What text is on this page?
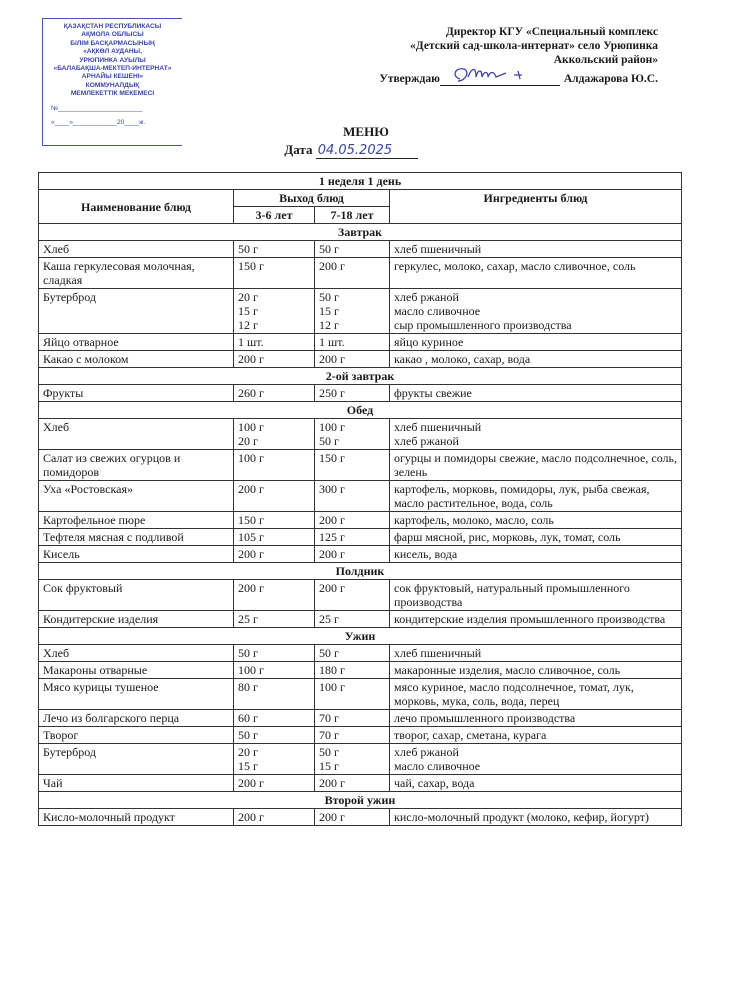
ҚАЗАҚСТАН РЕСПУБЛИКАСЫ
АҚМОЛА ОБЛЫСЫ
БІЛІМ БАСҚАРМАСЫНЫҢ
«АҚКӨЛ АУДАНЫ,
УРЮПИНКА АУЫЛЫ
«БАЛАБАҚША-МЕКТЕП-ИНТЕРНАТ»
АРНАЙЫ КЕШЕНІ»
КОММУНАЛДЫҚ
МЕМЛЕКЕТТІК МЕКЕМЕСІ
№_______________________
«____»____________20____ж.
Директор КГУ «Специальный комплекс
«Детский сад-школа-интернат» село Урюпинка
Аккольский район»
Утверждаю	Алдажарова Ю.С.
МЕНЮ
Дата 04.05.2025
1 неделя 1 день			
Наименование блюд	Выход блюд		Ингредиенты блюд
	3-6 лет	7-18 лет	
Завтрак			
Хлеб	50 г	50 г	хлеб пшеничный

Каша геркулесовая молочная, сладкая	150 г	200 г	геркулес, молоко, сахар, масло сливочное, соль

Бутерброд	20 г
15 г
12 г	50 г
15 г
12 г	хлеб ржаной
масло сливочное
сыр промышленного производства

Яйцо отварное	1 шт.	1 шт.	яйцо куриное

Какао с молоком	200 г	200 г	какао , молоко, сахар, вода

2-ой завтрак			
Фрукты	260 г	250 г	фрукты свежие

Обед			
Хлеб	100 г
20 г	100 г
50 г	хлеб пшеничный
хлеб ржаной

Салат из свежих огурцов и помидоров	100 г	150 г	огурцы и помидоры свежие, масло подсолнечное, соль, зелень

Уха «Ростовская»	200 г	300 г	картофель, морковь, помидоры, лук, рыба свежая, масло растительное, вода, соль

Картофельное пюре	150 г	200 г	картофель, молоко, масло, соль

Тефтеля мясная с подливой	105 г	125 г	фарш мясной, рис, морковь, лук, томат, соль

Кисель	200 г	200 г	кисель, вода

Полдник			
Сок фруктовый	200 г	200 г	сок фруктовый, натуральный промышленного производства

Кондитерские изделия	25 г	25 г	кондитерские изделия промышленного производства

Ужин			
Хлеб	50 г	50 г	хлеб пшеничный

Макароны отварные	100 г	180 г	макаронные изделия, масло сливочное, соль

Мясо курицы тушеное	80 г	100 г	мясо куриное, масло подсолнечное, томат, лук, морковь, мука, соль, вода, перец

Лечо из болгарского перца	60 г	70 г	лечо промышленного производства

Творог	50 г	70 г	творог, сахар, сметана, курага

Бутерброд	20 г
15 г	50 г
15 г	хлеб ржаной
масло сливочное

Чай	200 г	200 г	чай, сахар, вода

Второй ужин			
Кисло-молочный продукт	200 г	200 г	кисло-молочный продукт (молоко, кефир, йогурт)
